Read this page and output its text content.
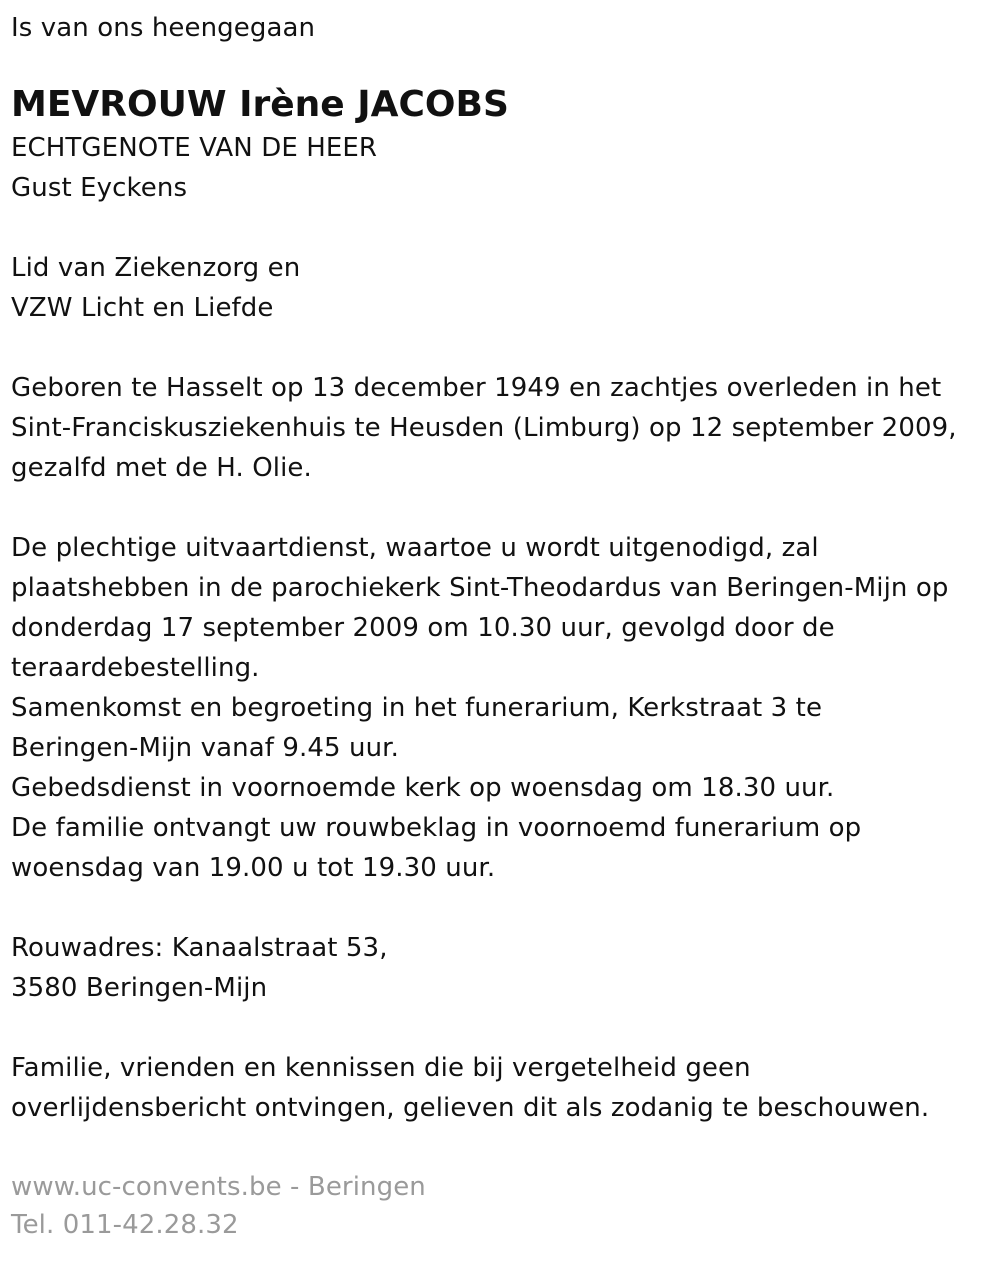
Is van ons heengegaan
MEVROUW Irène JACOBS
ECHTGENOTE VAN DE HEER
Gust Eyckens
Lid van Ziekenzorg en
VZW Licht en Liefde
Geboren te Hasselt op 13 december 1949 en zachtjes overleden in het
Sint-Franciskusziekenhuis te Heusden (Limburg) op 12 september 2009,
gezalfd met de H. Olie.
De plechtige uitvaartdienst, waartoe u wordt uitgenodigd, zal
plaatshebben in de parochiekerk Sint-Theodardus van Beringen-Mijn op
donderdag 17 september 2009 om 10.30 uur, gevolgd door de
teraardebestelling.
Samenkomst en begroeting in het funerarium, Kerkstraat 3 te
Beringen-Mijn vanaf 9.45 uur.
Gebedsdienst in voornoemde kerk op woensdag om 18.30 uur.
De familie ontvangt uw rouwbeklag in voornoemd funerarium op
woensdag van 19.00 u tot 19.30 uur.
Rouwadres: Kanaalstraat 53,
3580 Beringen-Mijn
Familie, vrienden en kennissen die bij vergetelheid geen
overlijdensbericht ontvingen, gelieven dit als zodanig te beschouwen.
www.uc-convents.be - Beringen
Tel. 011-42.28.32
